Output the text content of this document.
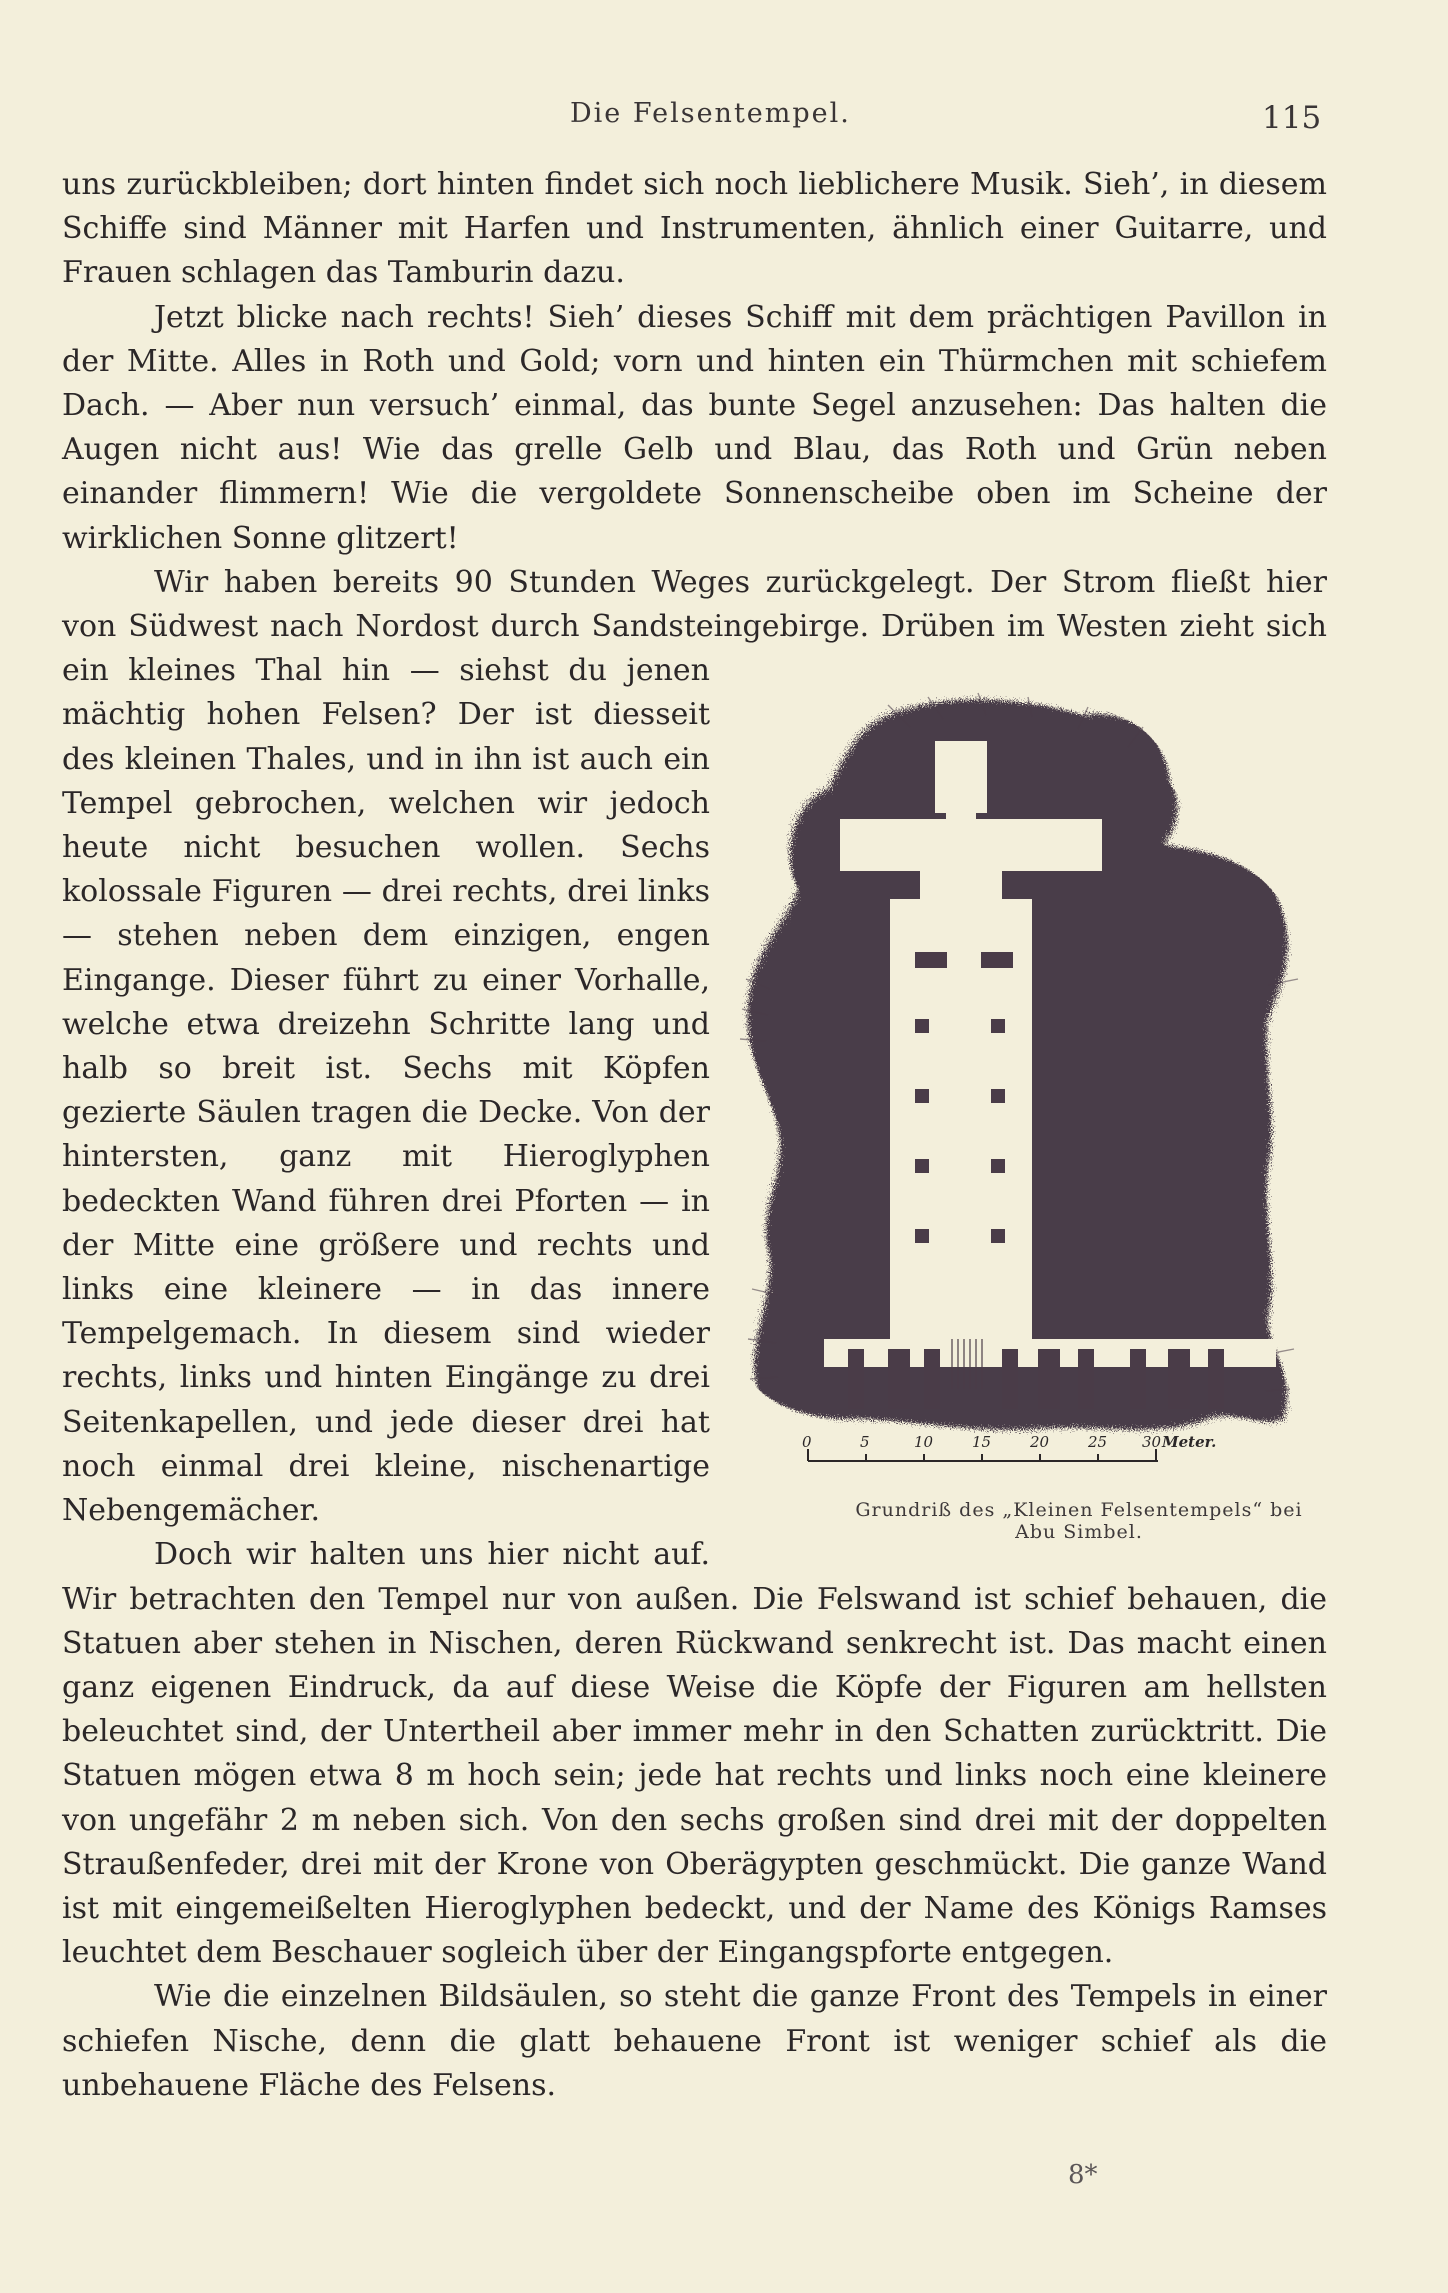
Die Felsentempel.	115

uns zurückbleiben; dort hinten findet sich noch lieblichere Musik. Sieh’, in diesem Schiffe sind Männer mit Harfen und Instrumenten, ähnlich einer Guitarre, und Frauen schlagen das Tamburin dazu.

Jetzt blicke nach rechts! Sieh’ dieses Schiff mit dem prächtigen Pavillon in der Mitte. Alles in Roth und Gold; vorn und hinten ein Thürmchen mit schiefem Dach. — Aber nun versuch’ einmal, das bunte Segel anzusehen: Das halten die Augen nicht aus! Wie das grelle Gelb und Blau, das Roth und Grün neben einander flimmern! Wie die vergoldete Sonnenscheibe oben im Scheine der wirklichen Sonne glitzert!

Wir haben bereits 90 Stunden Weges zurückgelegt. Der Strom fließt hier von Südwest nach Nordost durch Sandsteingebirge. Drüben im Westen zieht sich ein kleines Thal hin
0	5	10	15	20	25 30 Meter.
Grundriß des „Kleinen Felsentempels“ bei
Abu Simbel.
— siehst du jenen mächtig hohen Felsen? Der ist diesseit des kleinen Thales, und in ihn ist auch ein Tempel gebrochen, welchen wir jedoch heute nicht besuchen wollen. Sechs kolossale Figuren — drei rechts, drei links — stehen neben dem einzigen, engen Eingange. Dieser führt zu einer Vorhalle, welche etwa dreizehn Schritte lang und halb so breit ist. Sechs mit Köpfen gezierte Säulen tragen die Decke. Von der hintersten, ganz mit Hieroglyphen bedeckten Wand führen drei Pforten — in der Mitte eine größere und rechts und links eine kleinere — in das innere Tempelgemach. In diesem sind wieder rechts, links und hinten Eingänge zu drei Seitenkapellen, und jede dieser drei hat noch einmal drei kleine, nischenartige Nebengemächer.

Doch wir halten uns hier nicht auf. Wir betrachten den Tempel nur von außen. Die Felswand ist schief behauen, die Statuen aber stehen in Nischen, deren Rückwand senkrecht ist. Das macht einen ganz eigenen Eindruck, da auf diese Weise die Köpfe der Figuren am hellsten beleuchtet sind, der Untertheil aber immer mehr in den Schatten zurücktritt. Die Statuen mögen etwa 8 m hoch sein; jede hat rechts und links noch eine kleinere von ungefähr 2 m neben sich. Von den sechs großen sind drei mit der doppelten Straußenfeder, drei mit der Krone von Oberägypten geschmückt. Die ganze Wand ist mit eingemeißelten Hieroglyphen bedeckt, und der Name des Königs Ramses leuchtet dem Beschauer sogleich über der Eingangspforte entgegen.

Wie die einzelnen Bildsäulen, so steht die ganze Front des Tempels in einer schiefen Nische, denn die glatt behauene Front ist weniger schief als die unbehauene Fläche des Felsens.

8*
